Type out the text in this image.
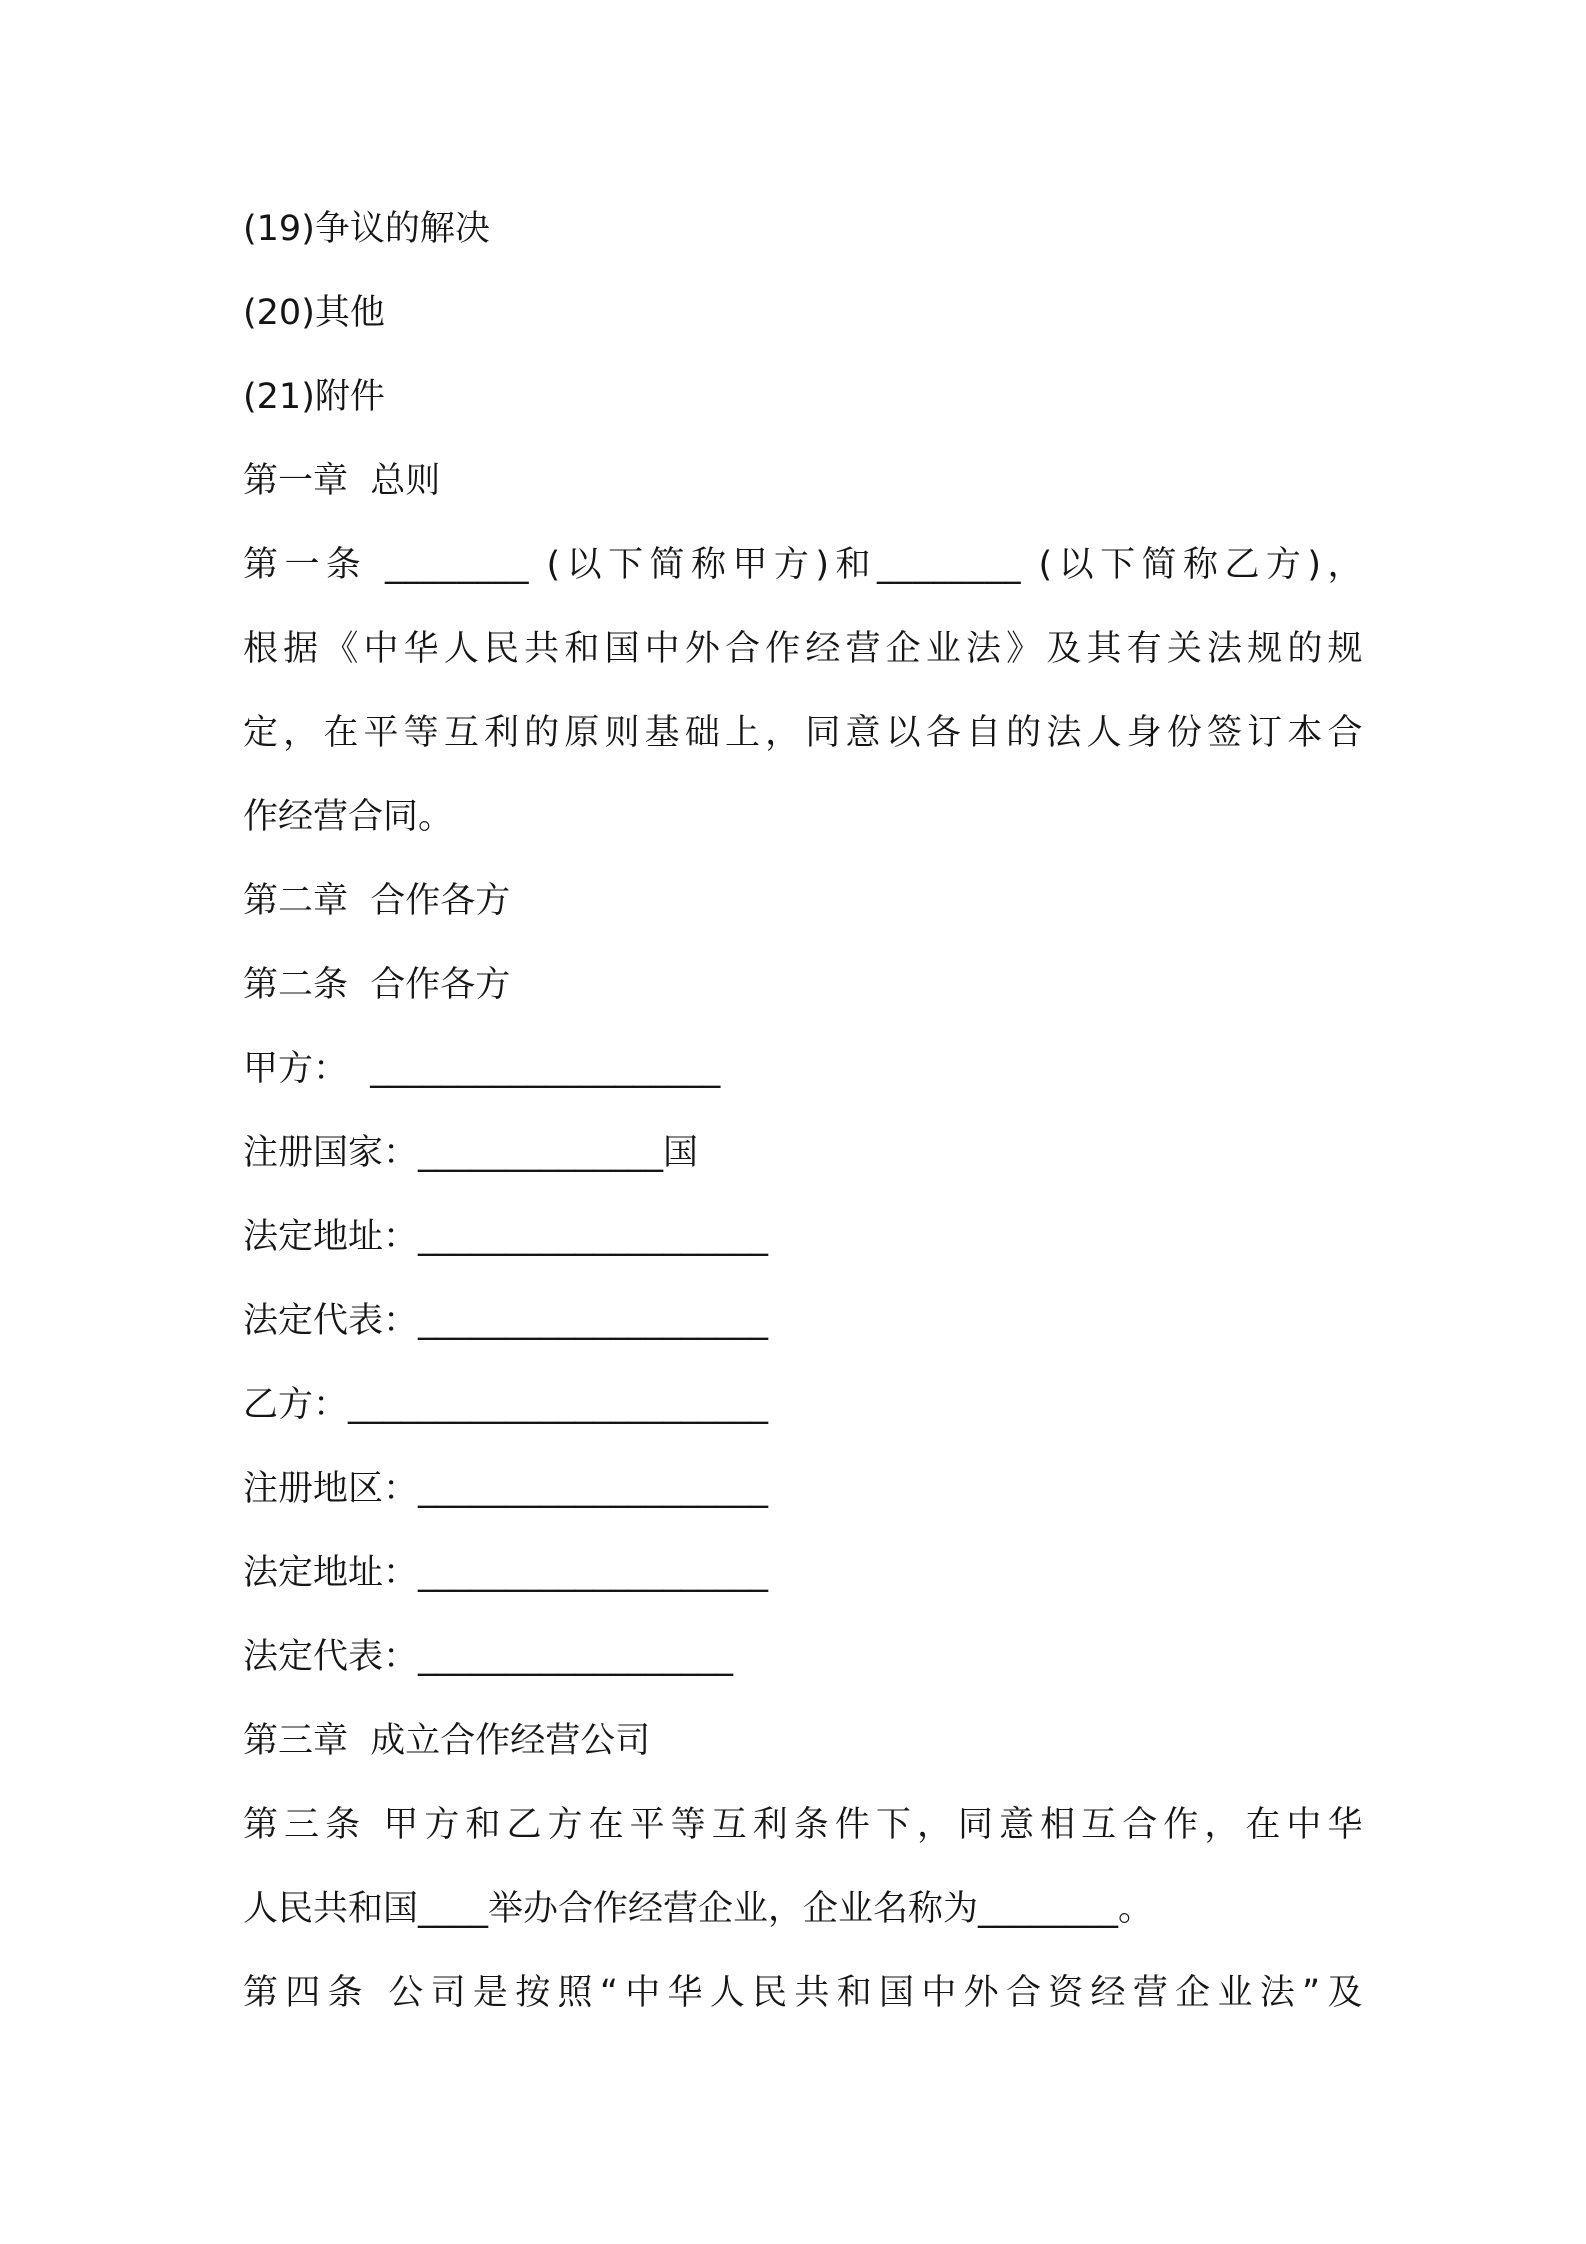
(19)争议的解决
(20)其他
(21)附件
第一章  总则
第一条 ________ (以下简称甲方)和________ (以下简称乙方)，
根据《中华人民共和国中外合作经营企业法》及其有关法规的规
定，在平等互利的原则基础上，同意以各自的法人身份签订本合
作经营合同。
第二章  合作各方
第二条  合作各方
甲方：  ____________________
注册国家：______________国
法定地址：____________________
法定代表：____________________
乙方：________________________
注册地区：____________________
法定地址：____________________
法定代表：__________________
第三章  成立合作经营公司
第三条 甲方和乙方在平等互利条件下，同意相互合作，在中华
人民共和国____举办合作经营企业，企业名称为________。
第四条 公司是按照“中华人民共和国中外合资经营企业法”及
